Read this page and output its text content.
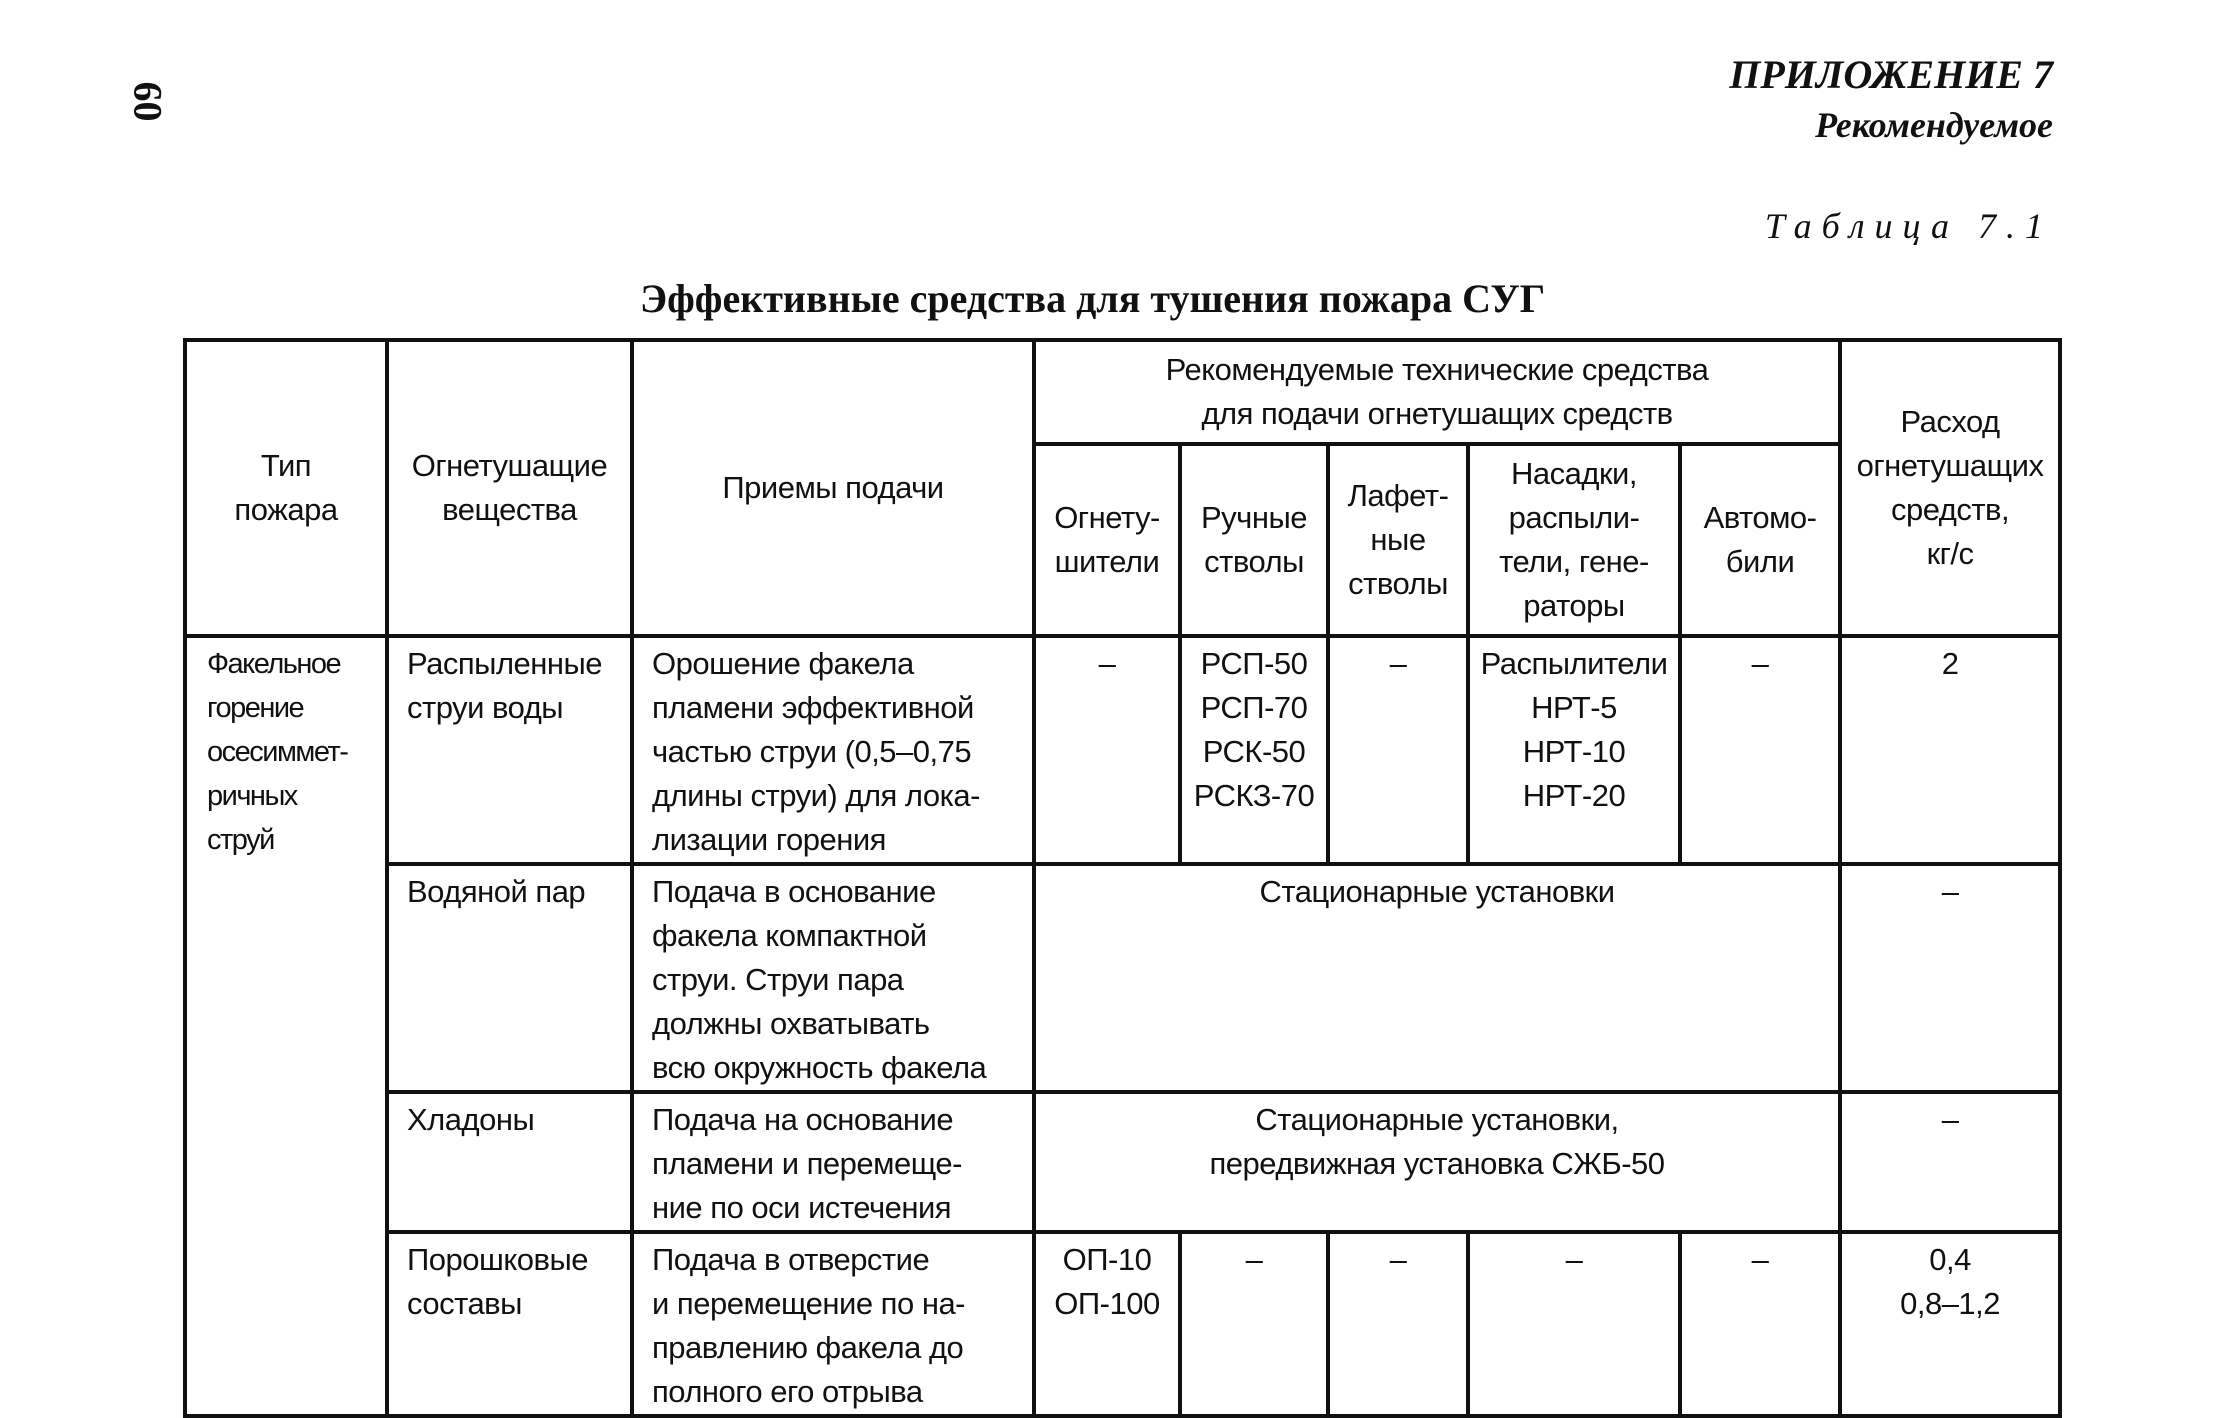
60
ПРИЛОЖЕНИЕ 7
Рекомендуемое
Таблица 7.1
Эффективные средства для тушения пожара СУГ
Тип
пожара	Огнетушащие
вещества	Приемы подачи	Рекомендуемые технические средства
для подачи огнетушащих средств					Расход
огнетушащих
средств,
кг/с

			Огнету-
шители	Ручные
стволы	Лафет-
ные
стволы	Насадки,
распыли-
тели, гене-
раторы	Автомо-
били	

Факельное
горение
осесиммет-
ричных
струй	Распыленные
струи воды	Орошение факела
пламени эффективной
частью струи (0,5–0,75
длины струи) для лока-
лизации горения	–	РСП-50
РСП-70
РСК-50
РСКЗ-70	–	Распылители
НРТ-5
НРТ-10
НРТ-20	–	2

	Водяной пар	Подача в основание
факела компактной
струи. Струи пара
должны охватывать
всю окружность факела	Стационарные установки					–

	Хладоны	Подача на основание
пламени и перемеще-
ние по оси истечения	Стационарные установки,
передвижная установка СЖБ-50					–

	Порошковые
составы	Подача в отверстие
и перемещение по на-
правлению факела до
полного его отрыва	ОП-10
ОП-100	–	–	–	–	0,4
0,8–1,2
